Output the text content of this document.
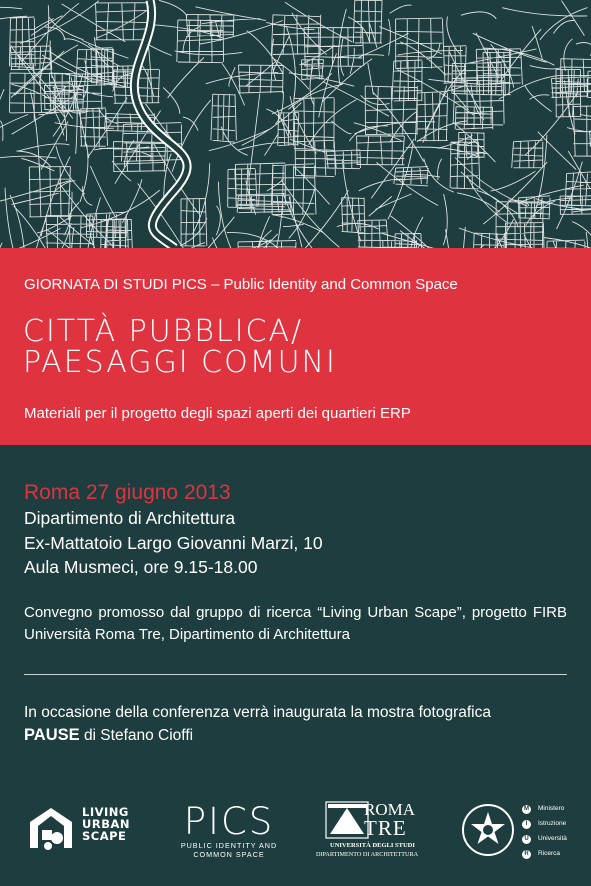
GIORNATA DI STUDI PICS – Public Identity and Common Space
CITTÀ PUBBLICA/
PAESAGGI COMUNI
Materiali per il progetto degli spazi aperti dei quartieri ERP
Roma 27 giugno 2013
Dipartimento di Architettura
Ex-Mattatoio Largo Giovanni Marzi, 10
Aula Musmeci, ore 9.15-18.00
Convegno promosso dal gruppo di ricerca “Living Urban Scape”, progetto FIRB Università Roma Tre, Dipartimento di Architettura
In occasione della conferenza verrà inaugurata la mostra fotografica
PAUSE di Stefano Cioffi
LIVING
URBAN
SCAPE	PICS
PUBLIC IDENTITY AND
COMMON SPACE
ROMA
TRE
UNIVERSITÀ DEGLI STUDI
DIPARTIMENTO DI ARCHITETTURA
M Ministero
I Istruzione
U Università
R Ricerca
